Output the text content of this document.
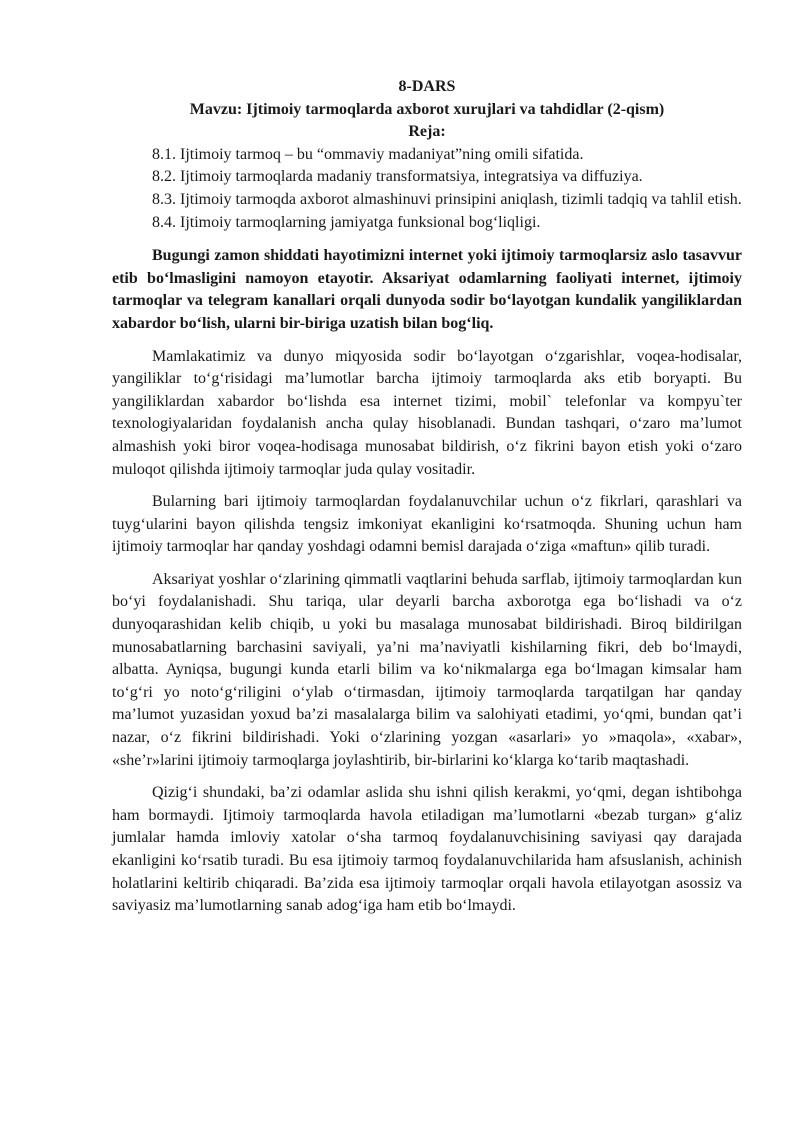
8-DARS

Mavzu: Ijtimoiy tarmoqlarda axborot xurujlari va tahdidlar (2-qism)

Reja:

8.1. Ijtimoiy tarmoq – bu “ommaviy madaniyat”ning omili sifatida.

8.2. Ijtimoiy tarmoqlarda madaniy transformatsiya, integratsiya va diffuziya.

8.3. Ijtimoiy tarmoqda axborot almashinuvi prinsipini aniqlash, tizimli tadqiq va tahlil etish.

8.4. Ijtimoiy tarmoqlarning jamiyatga funksional bog‘liqligi.

Bugungi zamon shiddati hayotimizni internet yoki ijtimoiy tarmoqlarsiz aslo tasavvur etib bo‘lmasligini namoyon etayotir. Aksariyat odamlarning faoliyati internet, ijtimoiy tarmoqlar va telegram kanallari orqali dunyoda sodir bo‘layotgan kundalik yangiliklardan xabardor bo‘lish, ularni bir-biriga uzatish bilan bog‘liq.

Mamlakatimiz va dunyo miqyosida sodir bo‘layotgan o‘zgarishlar, voqea-hodisalar, yangiliklar to‘g‘risidagi ma’lumotlar barcha ijtimoiy tarmoqlarda aks etib boryapti. Bu yangiliklardan xabardor bo‘lishda esa internet tizimi, mobil` telefonlar va kompyu`ter texnologiyalaridan foydalanish ancha qulay hisoblanadi. Bundan tashqari, o‘zaro ma’lumot almashish yoki biror voqea-hodisaga munosabat bildirish, o‘z fikrini bayon etish yoki o‘zaro muloqot qilishda ijtimoiy tarmoqlar juda qulay vositadir.

Bularning bari ijtimoiy tarmoqlardan foydalanuvchilar uchun o‘z fikrlari, qarashlari va tuyg‘ularini bayon qilishda tengsiz imkoniyat ekanligini ko‘rsatmoqda. Shuning uchun ham ijtimoiy tarmoqlar har qanday yoshdagi odamni bemisl darajada o‘ziga «maftun» qilib turadi.

Aksariyat yoshlar o‘zlarining qimmatli vaqtlarini behuda sarflab, ijtimoiy tarmoqlardan kun bo‘yi foydalanishadi. Shu tariqa, ular deyarli barcha axborotga ega bo‘lishadi va o‘z dunyoqarashidan kelib chiqib, u yoki bu masalaga munosabat bildirishadi. Biroq bildirilgan munosabatlarning barchasini saviyali, ya’ni ma’naviyatli kishilarning fikri, deb bo‘lmaydi, albatta. Ayniqsa, bugungi kunda etarli bilim va ko‘nikmalarga ega bo‘lmagan kimsalar ham to‘g‘ri yo noto‘g‘riligini o‘ylab o‘tirmasdan, ijtimoiy tarmoqlarda tarqatilgan har qanday ma’lumot yuzasidan yoxud ba’zi masalalarga bilim va salohiyati etadimi, yo‘qmi, bundan qat’i nazar, o‘z fikrini bildirishadi. Yoki o‘zlarining yozgan «asarlari» yo »maqola», «xabar», «she’r»larini ijtimoiy tarmoqlarga joylashtirib, bir-birlarini ko‘klarga ko‘tarib maqtashadi.

Qizig‘i shundaki, ba’zi odamlar aslida shu ishni qilish kerakmi, yo‘qmi, degan ishtibohga ham bormaydi. Ijtimoiy tarmoqlarda havola etiladigan ma’lumotlarni «bezab turgan» g‘aliz jumlalar hamda imloviy xatolar o‘sha tarmoq foydalanuvchisining saviyasi qay darajada ekanligini ko‘rsatib turadi. Bu esa ijtimoiy tarmoq foydalanuvchilarida ham afsuslanish, achinish holatlarini keltirib chiqaradi. Ba’zida esa ijtimoiy tarmoqlar orqali havola etilayotgan asossiz va saviyasiz ma’lumotlarning sanab adog‘iga ham etib bo‘lmaydi.
